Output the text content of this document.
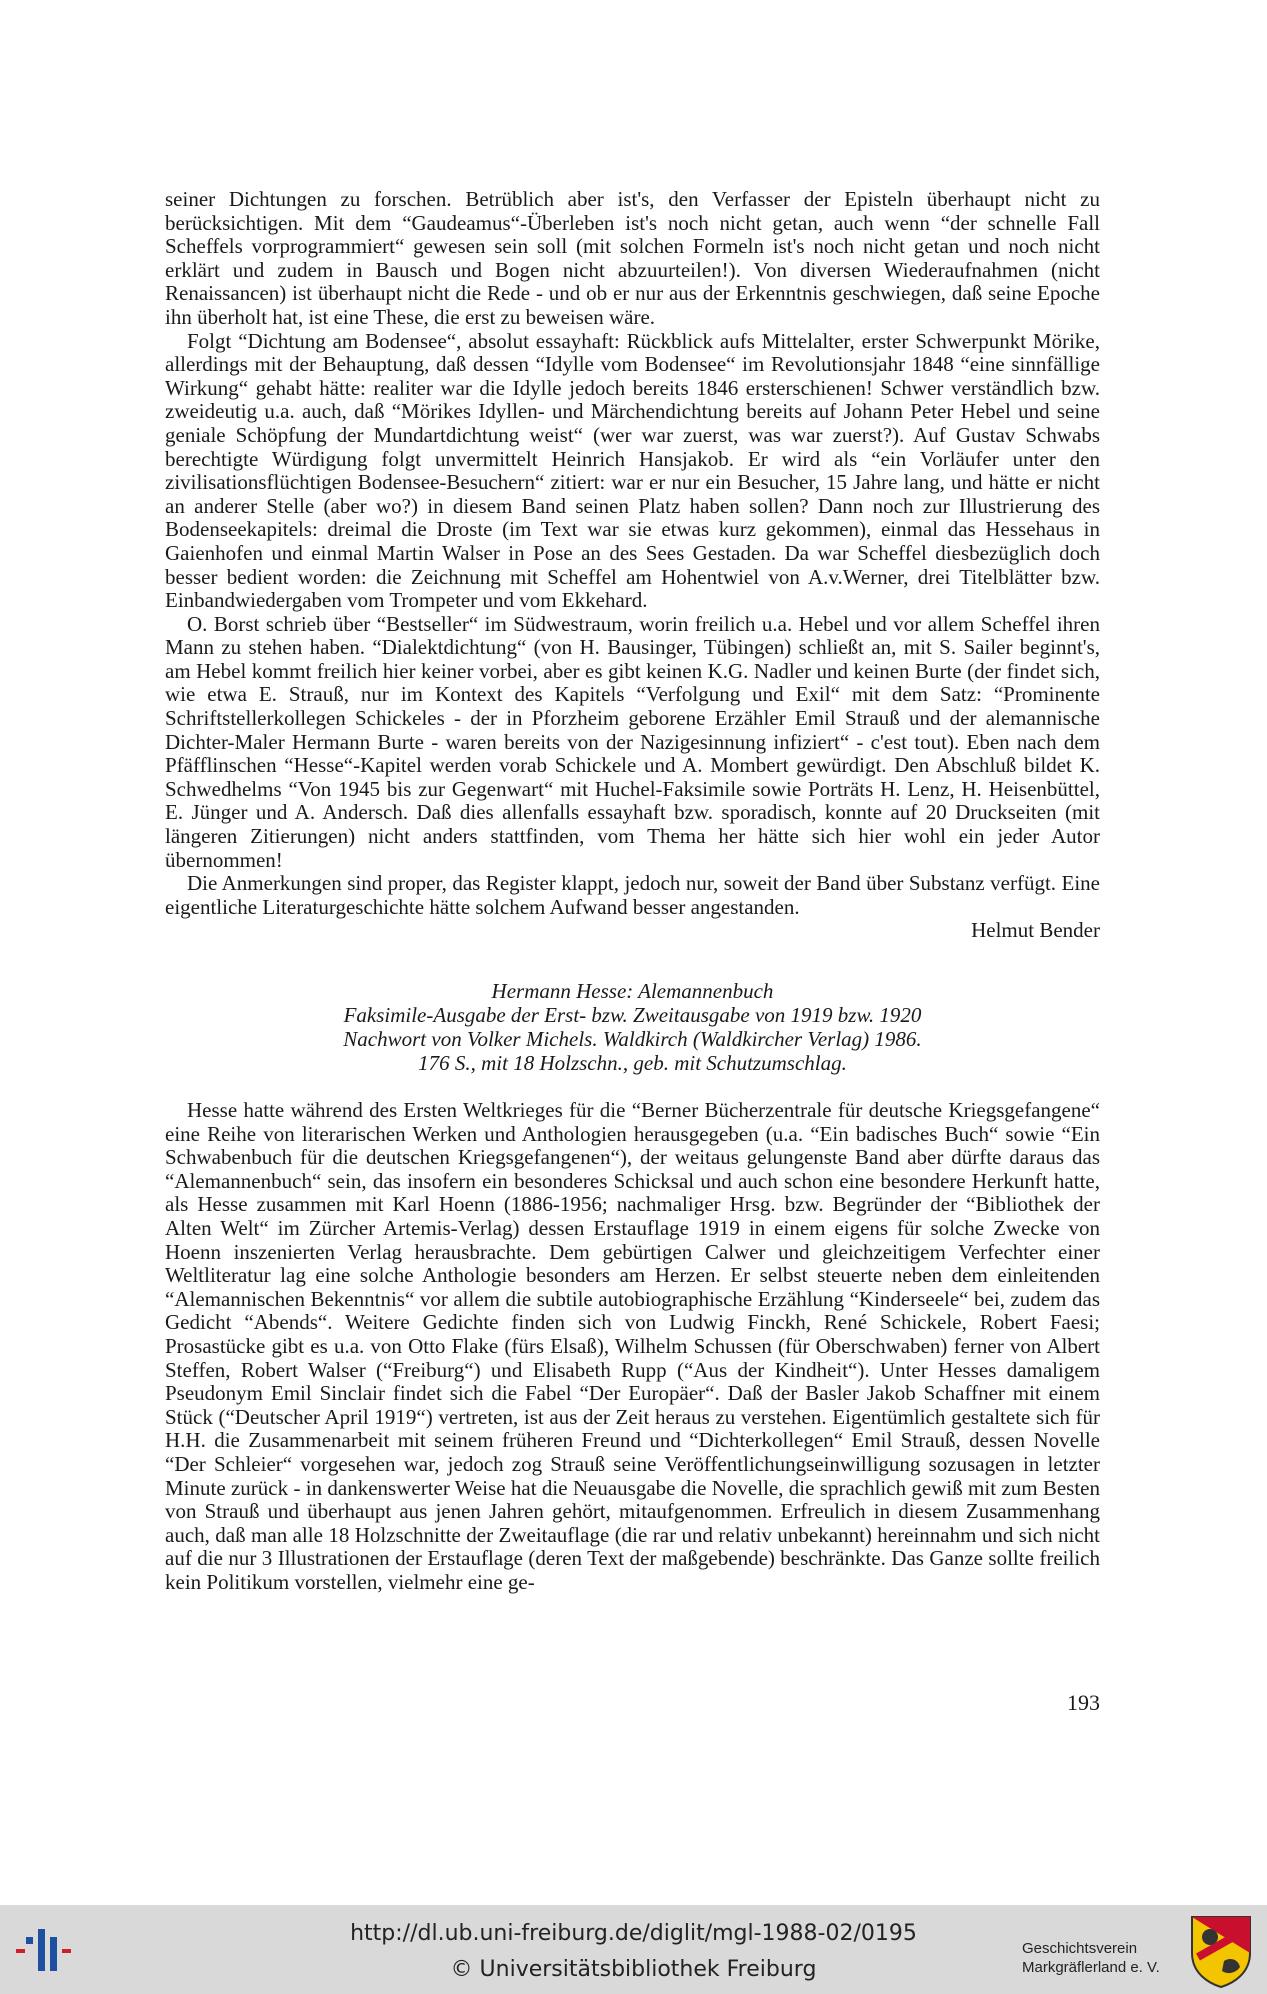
seiner Dichtungen zu forschen. Betrüblich aber ist's, den Verfasser der Episteln überhaupt nicht zu berücksichtigen. Mit dem “Gaudeamus“-Überleben ist's noch nicht getan, auch wenn “der schnelle Fall Scheffels vorprogrammiert“ gewesen sein soll (mit solchen Formeln ist's noch nicht getan und noch nicht erklärt und zudem in Bausch und Bogen nicht abzuurteilen!). Von diversen Wiederaufnahmen (nicht Renaissancen) ist überhaupt nicht die Rede - und ob er nur aus der Erkenntnis geschwiegen, daß seine Epoche ihn überholt hat, ist eine These, die erst zu beweisen wäre.

Folgt “Dichtung am Bodensee“, absolut essayhaft: Rückblick aufs Mittelalter, erster Schwerpunkt Mörike, allerdings mit der Behauptung, daß dessen “Idylle vom Bodensee“ im Revolutionsjahr 1848 “eine sinnfällige Wirkung“ gehabt hätte: realiter war die Idylle jedoch bereits 1846 ersterschienen! Schwer verständlich bzw. zweideutig u.a. auch, daß “Mörikes Idyllen- und Märchendichtung bereits auf Johann Peter Hebel und seine geniale Schöpfung der Mundartdichtung weist“ (wer war zuerst, was war zuerst?). Auf Gustav Schwabs berechtigte Würdigung folgt unvermittelt Heinrich Hansjakob. Er wird als “ein Vorläufer unter den zivilisationsflüchtigen Bodensee-Besuchern“ zitiert: war er nur ein Besucher, 15 Jahre lang, und hätte er nicht an anderer Stelle (aber wo?) in diesem Band seinen Platz haben sollen? Dann noch zur Illustrierung des Bodenseekapitels: dreimal die Droste (im Text war sie etwas kurz gekommen), einmal das Hessehaus in Gaienhofen und einmal Martin Walser in Pose an des Sees Gestaden. Da war Scheffel diesbezüglich doch besser bedient worden: die Zeichnung mit Scheffel am Hohentwiel von A.v.Werner, drei Titelblätter bzw. Einbandwiedergaben vom Trompeter und vom Ekkehard.

O. Borst schrieb über “Bestseller“ im Südwestraum, worin freilich u.a. Hebel und vor allem Scheffel ihren Mann zu stehen haben. “Dialektdichtung“ (von H. Bausinger, Tübingen) schließt an, mit S. Sailer beginnt's, am Hebel kommt freilich hier keiner vorbei, aber es gibt keinen K.G. Nadler und keinen Burte (der findet sich, wie etwa E. Strauß, nur im Kontext des Kapitels “Verfolgung und Exil“ mit dem Satz: “Prominente Schriftstellerkollegen Schickeles - der in Pforzheim geborene Erzähler Emil Strauß und der alemannische Dichter-Maler Hermann Burte - waren bereits von der Nazigesinnung infiziert“ - c'est tout). Eben nach dem Pfäfflinschen “Hesse“-Kapitel werden vorab Schickele und A. Mombert gewürdigt. Den Abschluß bildet K. Schwedhelms “Von 1945 bis zur Gegenwart“ mit Huchel-Faksimile sowie Porträts H. Lenz, H. Heisenbüttel, E. Jünger und A. Andersch. Daß dies allenfalls essayhaft bzw. sporadisch, konnte auf 20 Druckseiten (mit längeren Zitierungen) nicht anders stattfinden, vom Thema her hätte sich hier wohl ein jeder Autor übernommen!

Die Anmerkungen sind proper, das Register klappt, jedoch nur, soweit der Band über Substanz verfügt. Eine eigentliche Literaturgeschichte hätte solchem Aufwand besser angestanden.

Helmut Bender

Hermann Hesse: Alemannenbuch
Faksimile-Ausgabe der Erst- bzw. Zweitausgabe von 1919 bzw. 1920
Nachwort von Volker Michels. Waldkirch (Waldkircher Verlag) 1986.
176 S., mit 18 Holzschn., geb. mit Schutzumschlag.

Hesse hatte während des Ersten Weltkrieges für die “Berner Bücherzentrale für deutsche Kriegsgefangene“ eine Reihe von literarischen Werken und Anthologien herausgegeben (u.a. “Ein badisches Buch“ sowie “Ein Schwabenbuch für die deutschen Kriegsgefangenen“), der weitaus gelungenste Band aber dürfte daraus das “Alemannenbuch“ sein, das insofern ein besonderes Schicksal und auch schon eine besondere Herkunft hatte, als Hesse zusammen mit Karl Hoenn (1886-1956; nachmaliger Hrsg. bzw. Begründer der “Bibliothek der Alten Welt“ im Zürcher Artemis-Verlag) dessen Erstauflage 1919 in einem eigens für solche Zwecke von Hoenn inszenierten Verlag herausbrachte. Dem gebürtigen Calwer und gleichzeitigem Verfechter einer Weltliteratur lag eine solche Anthologie besonders am Herzen. Er selbst steuerte neben dem einleitenden “Alemannischen Bekenntnis“ vor allem die subtile autobiographische Erzählung “Kinderseele“ bei, zudem das Gedicht “Abends“. Weitere Gedichte finden sich von Ludwig Finckh, René Schickele, Robert Faesi; Prosastücke gibt es u.a. von Otto Flake (fürs Elsaß), Wilhelm Schussen (für Oberschwaben) ferner von Albert Steffen, Robert Walser (“Freiburg“) und Elisabeth Rupp (“Aus der Kindheit“). Unter Hesses damaligem Pseudonym Emil Sinclair findet sich die Fabel “Der Europäer“. Daß der Basler Jakob Schaffner mit einem Stück (“Deutscher April 1919“) vertreten, ist aus der Zeit heraus zu verstehen. Eigentümlich gestaltete sich für H.H. die Zusammenarbeit mit seinem früheren Freund und “Dichterkollegen“ Emil Strauß, dessen Novelle “Der Schleier“ vorgesehen war, jedoch zog Strauß seine Veröffentlichungseinwilligung sozusagen in letzter Minute zurück - in dankenswerter Weise hat die Neuausgabe die Novelle, die sprachlich gewiß mit zum Besten von Strauß und überhaupt aus jenen Jahren gehört, mitaufgenommen. Erfreulich in diesem Zusammenhang auch, daß man alle 18 Holzschnitte der Zweitauflage (die rar und relativ unbekannt) hereinnahm und sich nicht auf die nur 3 Illustrationen der Erstauflage (deren Text der maßgebende) beschränkte. Das Ganze sollte freilich kein Politikum vorstellen, vielmehr eine ge-

193
http://dl.ub.uni-freiburg.de/diglit/mgl-1988-02/0195
© Universitätsbibliothek Freiburg
Geschichtsverein
Markgräflerland e. V.
